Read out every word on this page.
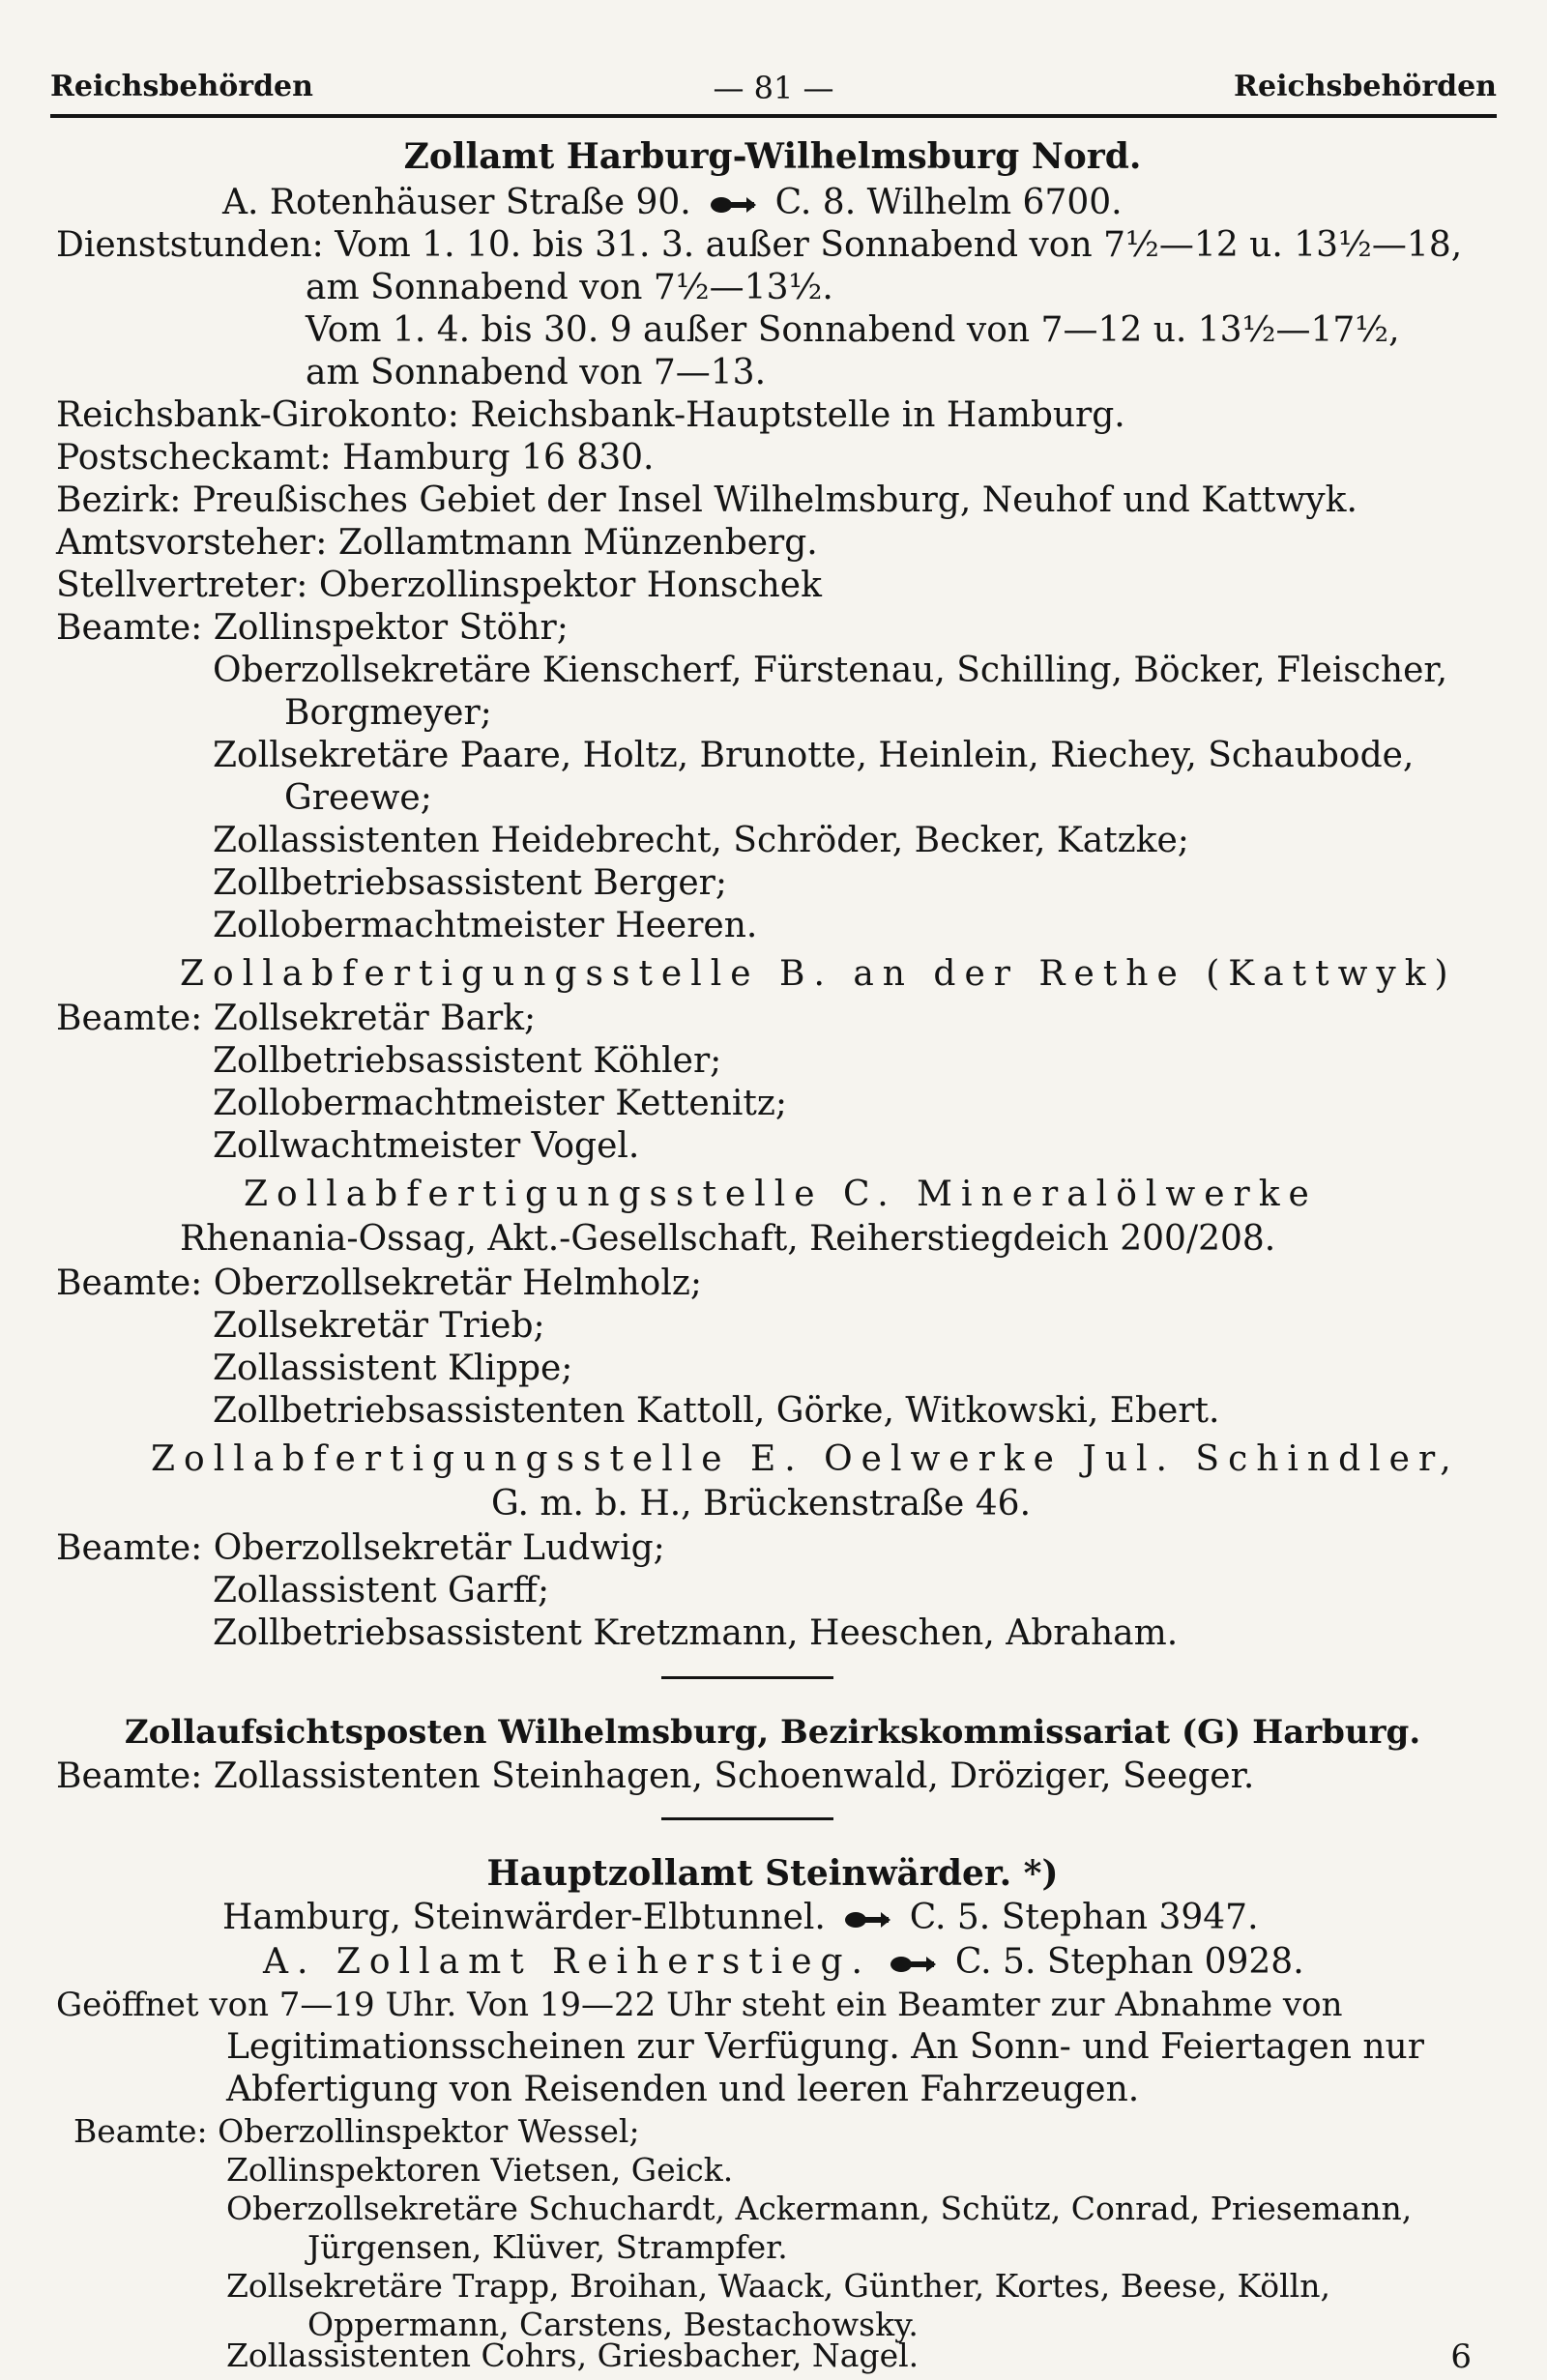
Reichsbehörden	— 81 —	Reichsbehörden
Zollamt Harburg-Wilhelmsburg Nord.
A. Rotenhäuser Straße 90. C. 8. Wilhelm 6700.
Dienststunden: Vom 1. 10. bis 31. 3. außer Sonnabend von 7½—12 u. 13½—18,
am Sonnabend von 7½—13½.
Vom 1. 4. bis 30. 9 außer Sonnabend von 7—12 u. 13½—17½,
am Sonnabend von 7—13.
Reichsbank-Girokonto: Reichsbank-Hauptstelle in Hamburg.
Postscheckamt: Hamburg 16 830.
Bezirk: Preußisches Gebiet der Insel Wilhelmsburg, Neuhof und Kattwyk.
Amtsvorsteher: Zollamtmann Münzenberg.
Stellvertreter: Oberzollinspektor Honschek
Beamte: Zollinspektor Stöhr;
Oberzollsekretäre Kienscherf, Fürstenau, Schilling, Böcker, Fleischer,
Borgmeyer;
Zollsekretäre Paare, Holtz, Brunotte, Heinlein, Riechey, Schaubode,
Greewe;
Zollassistenten Heidebrecht, Schröder, Becker, Katzke;
Zollbetriebsassistent Berger;
Zollobermachtmeister Heeren.
Zollabfertigungsstelle B. an der Rethe (Kattwyk)
Beamte: Zollsekretär Bark;
Zollbetriebsassistent Köhler;
Zollobermachtmeister Kettenitz;
Zollwachtmeister Vogel.
Zollabfertigungsstelle C. Mineralölwerke
Rhenania-Ossag, Akt.-Gesellschaft, Reiherstiegdeich 200/208.
Beamte: Oberzollsekretär Helmholz;
Zollsekretär Trieb;
Zollassistent Klippe;
Zollbetriebsassistenten Kattoll, Görke, Witkowski, Ebert.
Zollabfertigungsstelle E. Oelwerke Jul. Schindler,
G. m. b. H., Brückenstraße 46.
Beamte: Oberzollsekretär Ludwig;
Zollassistent Garff;
Zollbetriebsassistent Kretzmann, Heeschen, Abraham.
Zollaufsichtsposten Wilhelmsburg, Bezirkskommissariat (G) Harburg.
Beamte: Zollassistenten Steinhagen, Schoenwald, Dröziger, Seeger.
Hauptzollamt Steinwärder. *)
Hamburg, Steinwärder-Elbtunnel. C. 5. Stephan 3947.
A. Zollamt Reiherstieg. C. 5. Stephan 0928.
Geöffnet von 7—19 Uhr. Von 19—22 Uhr steht ein Beamter zur Abnahme von
Legitimationsscheinen zur Verfügung. An Sonn- und Feiertagen nur
Abfertigung von Reisenden und leeren Fahrzeugen.
Beamte: Oberzollinspektor Wessel;
Zollinspektoren Vietsen, Geick.
Oberzollsekretäre Schuchardt, Ackermann, Schütz, Conrad, Priesemann,
Jürgensen, Klüver, Strampfer.
Zollsekretäre Trapp, Broihan, Waack, Günther, Kortes, Beese, Kölln,
Oppermann, Carstens, Bestachowsky.
6
Zollassistenten Cohrs, Griesbacher, Nagel.
